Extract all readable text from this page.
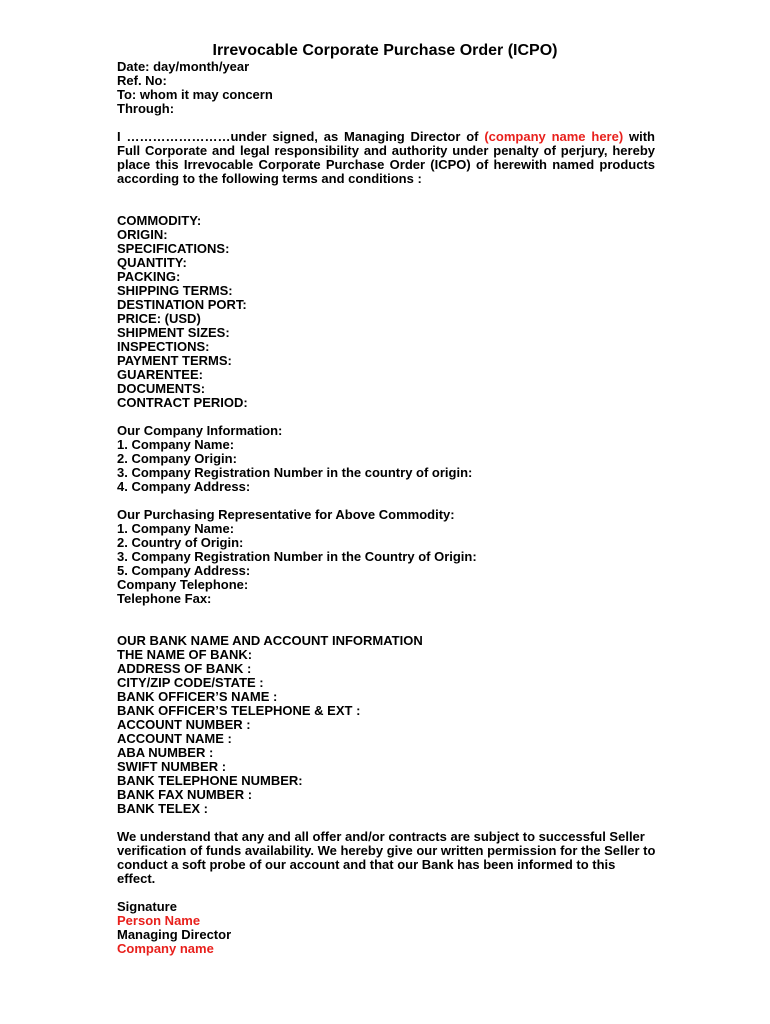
Irrevocable Corporate Purchase Order (ICPO)
Date: day/month/year
Ref. No:
To: whom it may concern
Through:
I ……………………under signed, as Managing Director of (company name here) with Full Corporate and legal responsibility and authority under penalty of perjury, hereby place this Irrevocable Corporate Purchase Order (ICPO) of herewith named products according to the following terms and conditions :
COMMODITY:
ORIGIN:
SPECIFICATIONS:
QUANTITY:
PACKING:
SHIPPING TERMS:
DESTINATION PORT:
PRICE: (USD)
SHIPMENT SIZES:
INSPECTIONS:
PAYMENT TERMS:
GUARENTEE:
DOCUMENTS:
CONTRACT PERIOD:
Our Company Information:
1. Company Name:
2. Company Origin:
3. Company Registration Number in the country of origin:
4. Company Address:
Our Purchasing Representative for Above Commodity:
1. Company Name:
2. Country of Origin:
3. Company Registration Number in the Country of Origin:
5. Company Address:
Company Telephone:
Telephone Fax:
OUR BANK NAME AND ACCOUNT INFORMATION
THE NAME OF BANK:
ADDRESS OF BANK :
CITY/ZIP CODE/STATE :
BANK OFFICER’S NAME :
BANK OFFICER’S TELEPHONE & EXT :
ACCOUNT NUMBER :
ACCOUNT NAME :
ABA NUMBER :
SWIFT NUMBER :
BANK TELEPHONE NUMBER:
BANK FAX NUMBER :
BANK TELEX :
We understand that any and all offer and/or contracts are subject to successful Seller
verification of funds availability. We hereby give our written permission for the Seller to
conduct a soft probe of our account and that our Bank has been informed to this
effect.
Signature
Person Name
Managing Director
Company name
